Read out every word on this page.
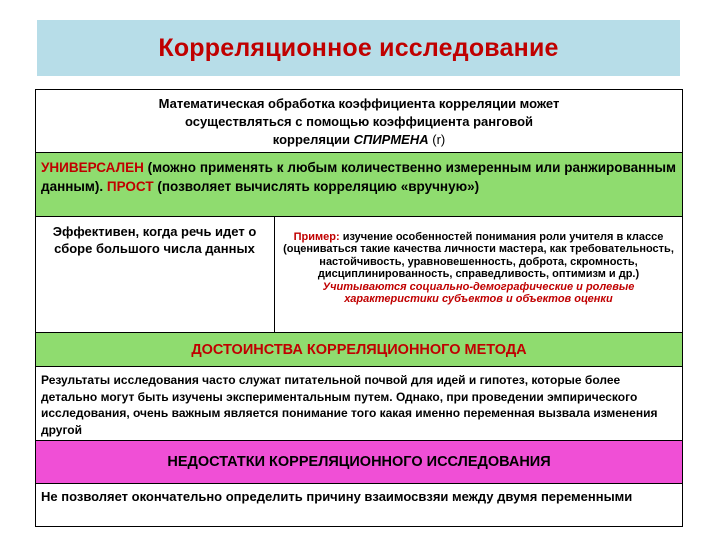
Корреляционное исследование
Математическая обработка коэффициента корреляции может
осуществляться с помощью коэффициента ранговой
корреляции СПИРМЕНА (r)
УНИВЕРСАЛЕН (можно применять к любым количественно измеренным или ранжированным данным). ПРОСТ (позволяет вычислять корреляцию «вручную»)
Эффективен, когда речь идет о сборе большого числа данных
Пример: изучение особенностей понимания роли учителя в классе (оцениваться такие качества личности мастера, как требовательность, настойчивость, уравновешенность, доброта, скромность, дисциплинированность, справедливость, оптимизм и др.) Учитываются социально-демографические и ролевые характеристики субъектов и объектов оценки
ДОСТОИНСТВА КОРРЕЛЯЦИОННОГО МЕТОДА
Результаты исследования часто служат питательной почвой для идей и гипотез, которые более детально могут быть изучены экспериментальным путем. Однако, при проведении эмпирического исследования, очень важным является понимание того какая именно переменная вызвала изменения другой
НЕДОСТАТКИ КОРРЕЛЯЦИОННОГО ИССЛЕДОВАНИЯ
Не позволяет окончательно определить причину взаимосвзяи между двумя переменными
